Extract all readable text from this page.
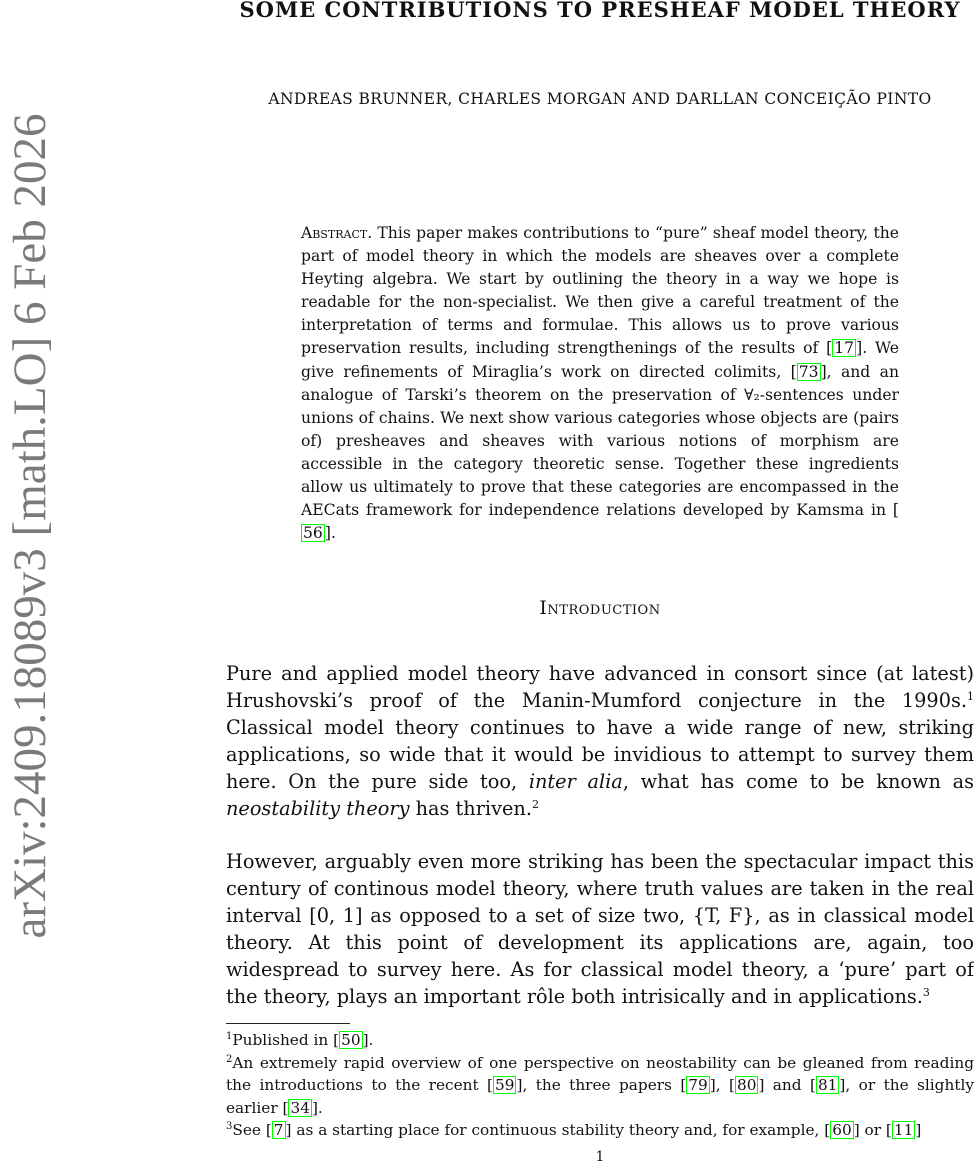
arXiv:2409.18089v3 [math.LO] 6 Feb 2026
SOME CONTRIBUTIONS TO PRESHEAF MODEL THEORY
ANDREAS BRUNNER, CHARLES MORGAN AND DARLLAN CONCEIÇÃO PINTO
Abstract. This paper makes contributions to “pure” sheaf model theory, the part of model theory in which the models are sheaves over a complete Heyting algebra. We start by outlining the theory in a way we hope is readable for the non-specialist. We then give a careful treatment of the interpretation of terms and formulae. This allows us to prove various preservation results, including strengthenings of the results of [ 17 ]. We give refinements of Miraglia’s work on directed colimits, [ 73 ], and an analogue of Tarski’s theorem on the preservation of ∀₂-sentences under unions of chains. We next show various categories whose objects are (pairs of) presheaves and sheaves with various notions of morphism are accessible in the category theoretic sense. Together these ingredients allow us ultimately to prove that these categories are encompassed in the AECats framework for independence relations developed by Kamsma in [56 ].
Introduction
Pure and applied model theory have advanced in consort since (at latest) Hrushovski’s proof of the Manin-Mumford conjecture in the 1990s.$^1$ Classical model theory continues to have a wide range of new, striking applications, so wide that it would be invidious to attempt to survey them here. On the pure side too, inter alia, what has come to be known as neostability theory has thriven.$^2$
However, arguably even more striking has been the spectacular impact this century of continous model theory, where truth values are taken in the real interval [0, 1] as opposed to a set of size two, {T, F}, as in classical model theory. At this point of development its applications are, again, too widespread to survey here. As for classical model theory, a ‘pure’ part of the theory, plays an important rôle both intrisically and in applications.$^3$

$^1$Published in [ 50 ].

$^2$An extremely rapid overview of one perspective on neostability can be gleaned from reading the introductions to the recent [ 59 ], the three papers [ 79 ], [ 80 ] and [ 81 ], or the slightly earlier [ 34 ].

$^3$See [ 7 ] as a starting place for continuous stability theory and, for example, [ 60 ] or [ 11 ]

1
